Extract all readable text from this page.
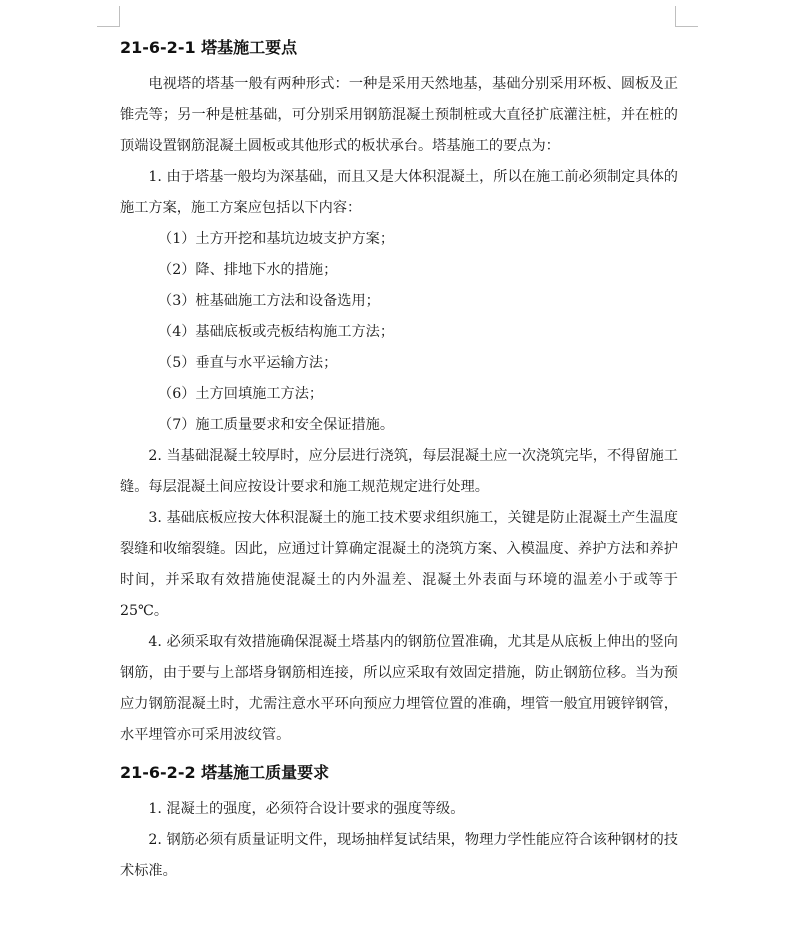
21-6-2-1 塔基施工要点

电视塔的塔基一般有两种形式：一种是采用天然地基，基础分别采用环板、圆板及正锥壳等；另一种是桩基础，可分别采用钢筋混凝土预制桩或大直径扩底灌注桩，并在桩的顶端设置钢筋混凝土圆板或其他形式的板状承台。塔基施工的要点为：

1. 由于塔基一般均为深基础，而且又是大体积混凝土，所以在施工前必须制定具体的施工方案，施工方案应包括以下内容：

（1）土方开挖和基坑边坡支护方案；

（2）降、排地下水的措施；

（3）桩基础施工方法和设备选用；

（4）基础底板或壳板结构施工方法；

（5）垂直与水平运输方法；

（6）土方回填施工方法；

（7）施工质量要求和安全保证措施。

2. 当基础混凝土较厚时，应分层进行浇筑，每层混凝土应一次浇筑完毕，不得留施工缝。每层混凝土间应按设计要求和施工规范规定进行处理。

3. 基础底板应按大体积混凝土的施工技术要求组织施工，关键是防止混凝土产生温度裂缝和收缩裂缝。因此，应通过计算确定混凝土的浇筑方案、入模温度、养护方法和养护时间，并采取有效措施使混凝土的内外温差、混凝土外表面与环境的温差小于或等于 25℃。

4. 必须采取有效措施确保混凝土塔基内的钢筋位置准确，尤其是从底板上伸出的竖向钢筋，由于要与上部塔身钢筋相连接，所以应采取有效固定措施，防止钢筋位移。当为预应力钢筋混凝土时，尤需注意水平环向预应力埋管位置的准确，埋管一般宜用镀锌钢管，水平埋管亦可采用波纹管。

21-6-2-2 塔基施工质量要求

1. 混凝土的强度，必须符合设计要求的强度等级。

2. 钢筋必须有质量证明文件，现场抽样复试结果，物理力学性能应符合该种钢材的技术标准。
